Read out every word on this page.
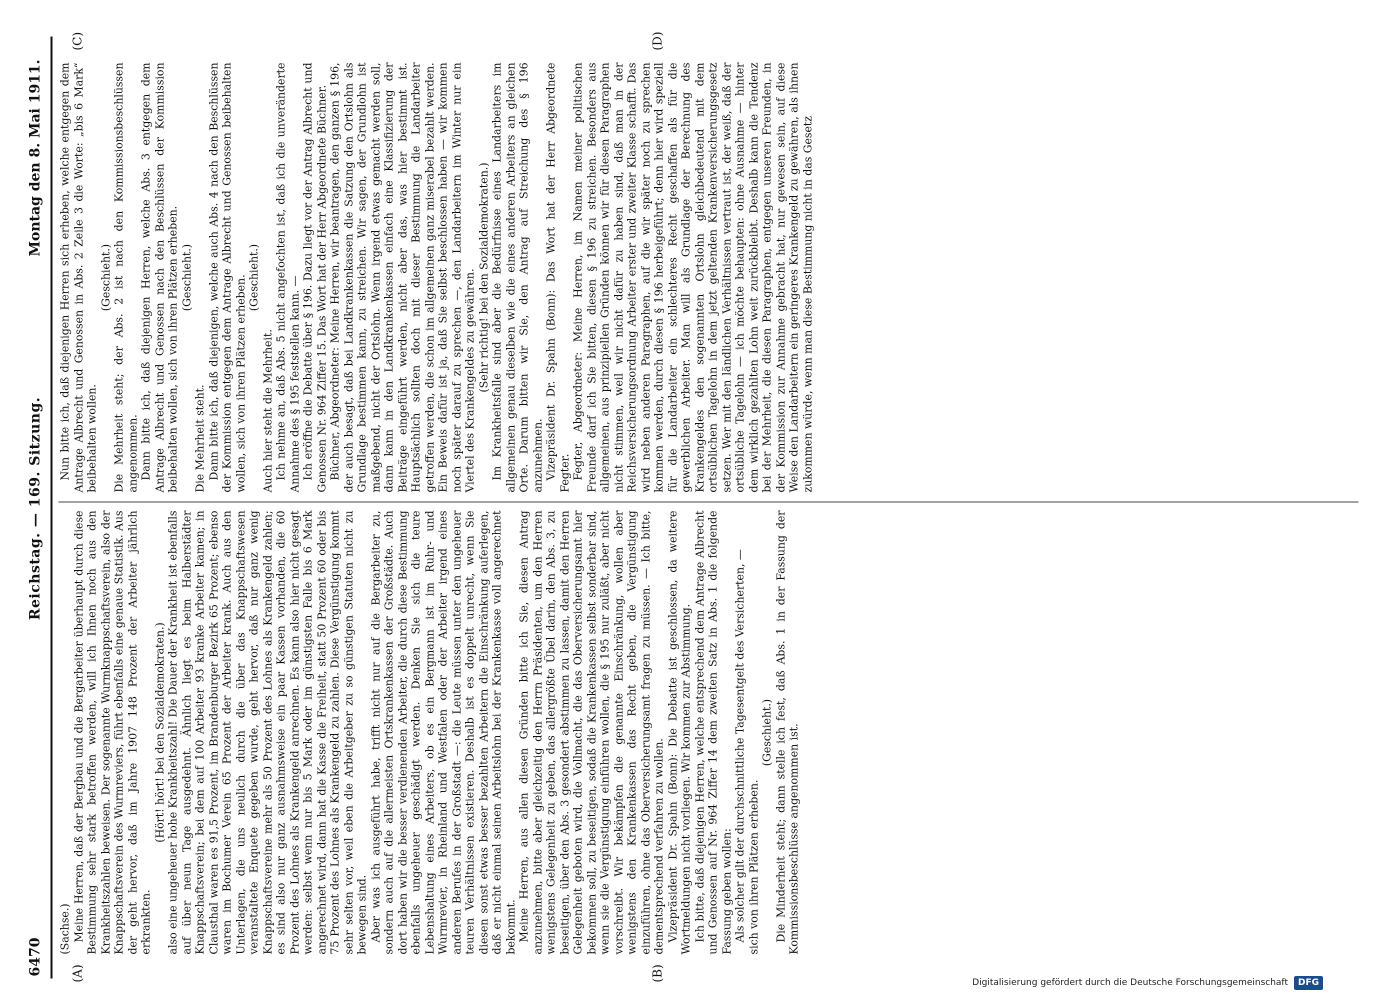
6470
Reichstag. — 169. Sitzung.
Montag den 8. Mai 1911.
(A)	(B)
(C)	(D)

(Sachse.) Meine Herren, daß der Bergbau und die Bergarbeiter überhaupt durch diese Bestimmung sehr stark betroffen werden, will ich Ihnen noch aus den Krankheitszahlen beweisen. Der sogenannte Wurmknappschaftsverein, also der Knappschaftsverein des Wurmreviers, führt ebenfalls eine genaue Statistik. Aus der geht hervor, daß im Jahre 1907 148 Prozent der Arbeiter jährlich erkrankten.

(Hört! hört! bei den Sozialdemokraten.) also eine ungeheuer hohe Krankheitszahl! Die Dauer der Krankheit ist ebenfalls auf über neun Tage ausgedehnt. Ähnlich liegt es beim Halberstädter Knappschaftsverein; bei dem auf 100 Arbeiter 93 kranke Arbeiter kamen; in Clausthal waren es 91,5 Prozent, im Brandenburger Bezirk 65 Prozent; ebenso waren im Bochumer Verein 65 Prozent der Arbeiter krank. Auch aus den Unterlagen, die uns neulich durch die über das Knappschaftswesen veranstaltete Enquete gegeben wurde, geht hervor, daß nur ganz wenig Knappschaftsvereine mehr als 50 Prozent des Lohnes als Krankengeld zahlen; es sind also nur ganz ausnahmsweise ein paar Kassen vorhanden, die 60 Prozent des Lohnes als Krankengeld anrechnen. Es kann also hier nicht gesagt werden: selbst wenn nur bis 5 Mark oder im günstigsten Falle bis 6 Mark angerechnet wird, dann hat die Kasse die Freiheit, statt 50 Prozent 60 oder bis 75 Prozent des Lohnes als Krankengeld zu zahlen. Diese Vergünstigung kommt sehr selten vor, weil eben die Arbeitgeber zu so günstigen Statuten nicht zu bewegen sind. Aber was ich ausgeführt habe, trifft nicht nur auf die Bergarbeiter zu, sondern auch auf die allermeisten Ortskrankenkassen der Großstädte. Auch dort haben wir die besser verdienenden Arbeiter, die durch diese Bestimmung ebenfalls ungeheuer geschädigt werden. Denken Sie sich die teure Lebenshaltung eines Arbeiters, ob es ein Bergmann ist im Ruhr- und Wurmrevier, in Rheinland und Westfalen oder der Arbeiter irgend eines anderen Berufes in der Großstadt —: die Leute müssen unter den ungeheuer teuren Verhältnissen existieren. Deshalb ist es doppelt unrecht, wenn Sie diesen sonst etwas besser bezahlten Arbeitern die Einschränkung auferlegen, daß er nicht einmal seinen Arbeitslohn bei der Krankenkasse voll angerechnet bekommt. Meine Herren, aus allen diesen Gründen bitte ich Sie, diesen Antrag anzunehmen, bitte aber gleichzeitig den Herrn Präsidenten, um den Herren wenigstens Gelegenheit zu geben, das allergrößte Übel darin, den Abs. 3, zu beseitigen, über den Abs. 3 gesondert abstimmen zu lassen, damit den Herren Gelegenheit geboten wird, die Vollmacht, die das Oberversicherungsamt hier bekommen soll, zu beseitigen, sodaß die Krankenkassen selbst sonderbar sind, wenn sie die Vergünstigung einführen wollen, die § 195 nur zuläßt, aber nicht vorschreibt. Wir bekämpfen die genannte Einschränkung, wollen aber wenigstens den Krankenkassen das Recht geben, die Vergünstigung einzuführen, ohne das Oberversicherungsamt fragen zu müssen. — Ich bitte, dementsprechend verfahren zu wollen. Vizepräsident Dr. Spahn (Bonn): Die Debatte ist geschlossen, da weitere Wortmeldungen nicht vorliegen. Wir kommen zur Abstimmung. Ich bitte, daß diejenigen Herren, welche entsprechend dem Antrage Albrecht und Genossen auf Nr. 964 Ziffer 14 dem zweiten Satz in Abs. 1 die folgende Fassung geben wollen: Als solcher gilt der durchschnittliche Tagesentgelt des Versicherten, — sich von ihren Plätzen erheben.

(Geschieht.) Die Minderheit steht; dann stelle ich fest, daß Abs. 1 in der Fassung der Kommissionsbeschlüsse angenommen ist.

Nun bitte ich, daß diejenigen Herren sich erheben, welche entgegen dem Antrage Albrecht und Genossen in Abs. 2 Zeile 3 die Worte: „bis 6 Mark“ beibehalten wollen.

(Geschieht.) Die Mehrheit steht; der Abs. 2 ist nach den Kommissionsbeschlüssen angenommen. Dann bitte ich, daß diejenigen Herren, welche Abs. 3 entgegen dem Antrage Albrecht und Genossen nach den Beschlüssen der Kommission beibehalten wollen, sich von ihren Plätzen erheben. (Geschieht.)

Die Mehrheit steht. Dann bitte ich, daß diejenigen, welche auch Abs. 4 nach den Beschlüssen der Kommission entgegen dem Antrage Albrecht und Genossen beibehalten wollen, sich von ihren Plätzen erheben. (Geschieht.)

Auch hier steht die Mehrheit. Ich nehme an, daß Abs. 5 nicht angefochten ist, daß ich die unveränderte Annahme des § 195 feststellen kann. — Ich eröffne die Debatte über § 196. Dazu liegt vor der Antrag Albrecht und Genossen Nr. 964 Ziffer 15. Das Wort hat der Herr Abgeordnete Büchner. Büchner, Abgeordneter: Meine Herren, wir beantragen, den ganzen § 196, der auch besagt, daß bei Landkrankenkassen die Satzung den Ortslohn als Grundlage bestimmen kann, zu streichen. Wir sagen, der Grundlohn ist maßgebend, nicht der Ortslohn. Wenn irgend etwas gemacht werden soll, dann kann in den Landkrankenkassen einfach eine Klassifizierung der Beiträge eingeführt werden, nicht aber das, was hier bestimmt ist. Hauptsächlich sollten doch mit dieser Bestimmung die Landarbeiter getroffen werden, die schon im allgemeinen ganz miserabel bezahlt werden. Ein Beweis dafür ist ja, daß Sie selbst beschlossen haben — wir kommen noch später darauf zu sprechen —, den Landarbeitern im Winter nur ein Viertel des Krankengeldes zu gewähren. (Sehr richtig! bei den Sozialdemokraten.) Im Krankheitsfalle sind aber die Bedürfnisse eines Landarbeiters im allgemeinen genau dieselben wie die eines anderen Arbeiters an gleichen Orte. Darum bitten wir Sie, den Antrag auf Streichung des § 196 anzunehmen. Vizepräsident Dr. Spahn (Bonn): Das Wort hat der Herr Abgeordnete Fegter. Fegter, Abgeordneter: Meine Herren, im Namen meiner politischen Freunde darf ich Sie bitten, diesen § 196 zu streichen. Besonders aus allgemeinen, aus prinzipiellen Gründen können wir für diesen Paragraphen nicht stimmen, weil wir nicht dafür zu haben sind, daß man in der Reichsversicherungsordnung Arbeiter erster und zweiter Klasse schafft. Das wird neben anderen Paragraphen, auf die wir später noch zu sprechen kommen werden, durch diesen § 196 herbeigeführt; denn hier wird speziell für die Landarbeiter ein schlechteres Recht geschaffen als für die gewerblichen Arbeiter. Man will als Grundlage der Berechnung des Krankengeldes den sogenannten Ortslohn gleichbedeutend mit dem ortsüblichen Tagelohn in dem jetzt geltenden Krankenversicherungsgesetz setzen. Wer mit den ländlichen Verhältnissen vertraut ist, der weiß, daß der ortsübliche Tagelohn — ich möchte behaupten: ohne Ausnahme — hinter dem wirklich gezahlten Lohn weit zurückbleibt. Deshalb kann die Tendenz bei der Mehrheit, die diesen Paragraphen, entgegen unseren Freunden, in der Kommission zur Annahme gebracht hat, nur gewesen sein, auf diese Weise den Landarbeitern ein geringeres Krankengeld zu gewähren, als ihnen zukommen würde, wenn man diese Bestimmung nicht in das Gesetz

Digitalisierung gefördert durch die Deutsche Forschungsgemeinschaft	DFG
